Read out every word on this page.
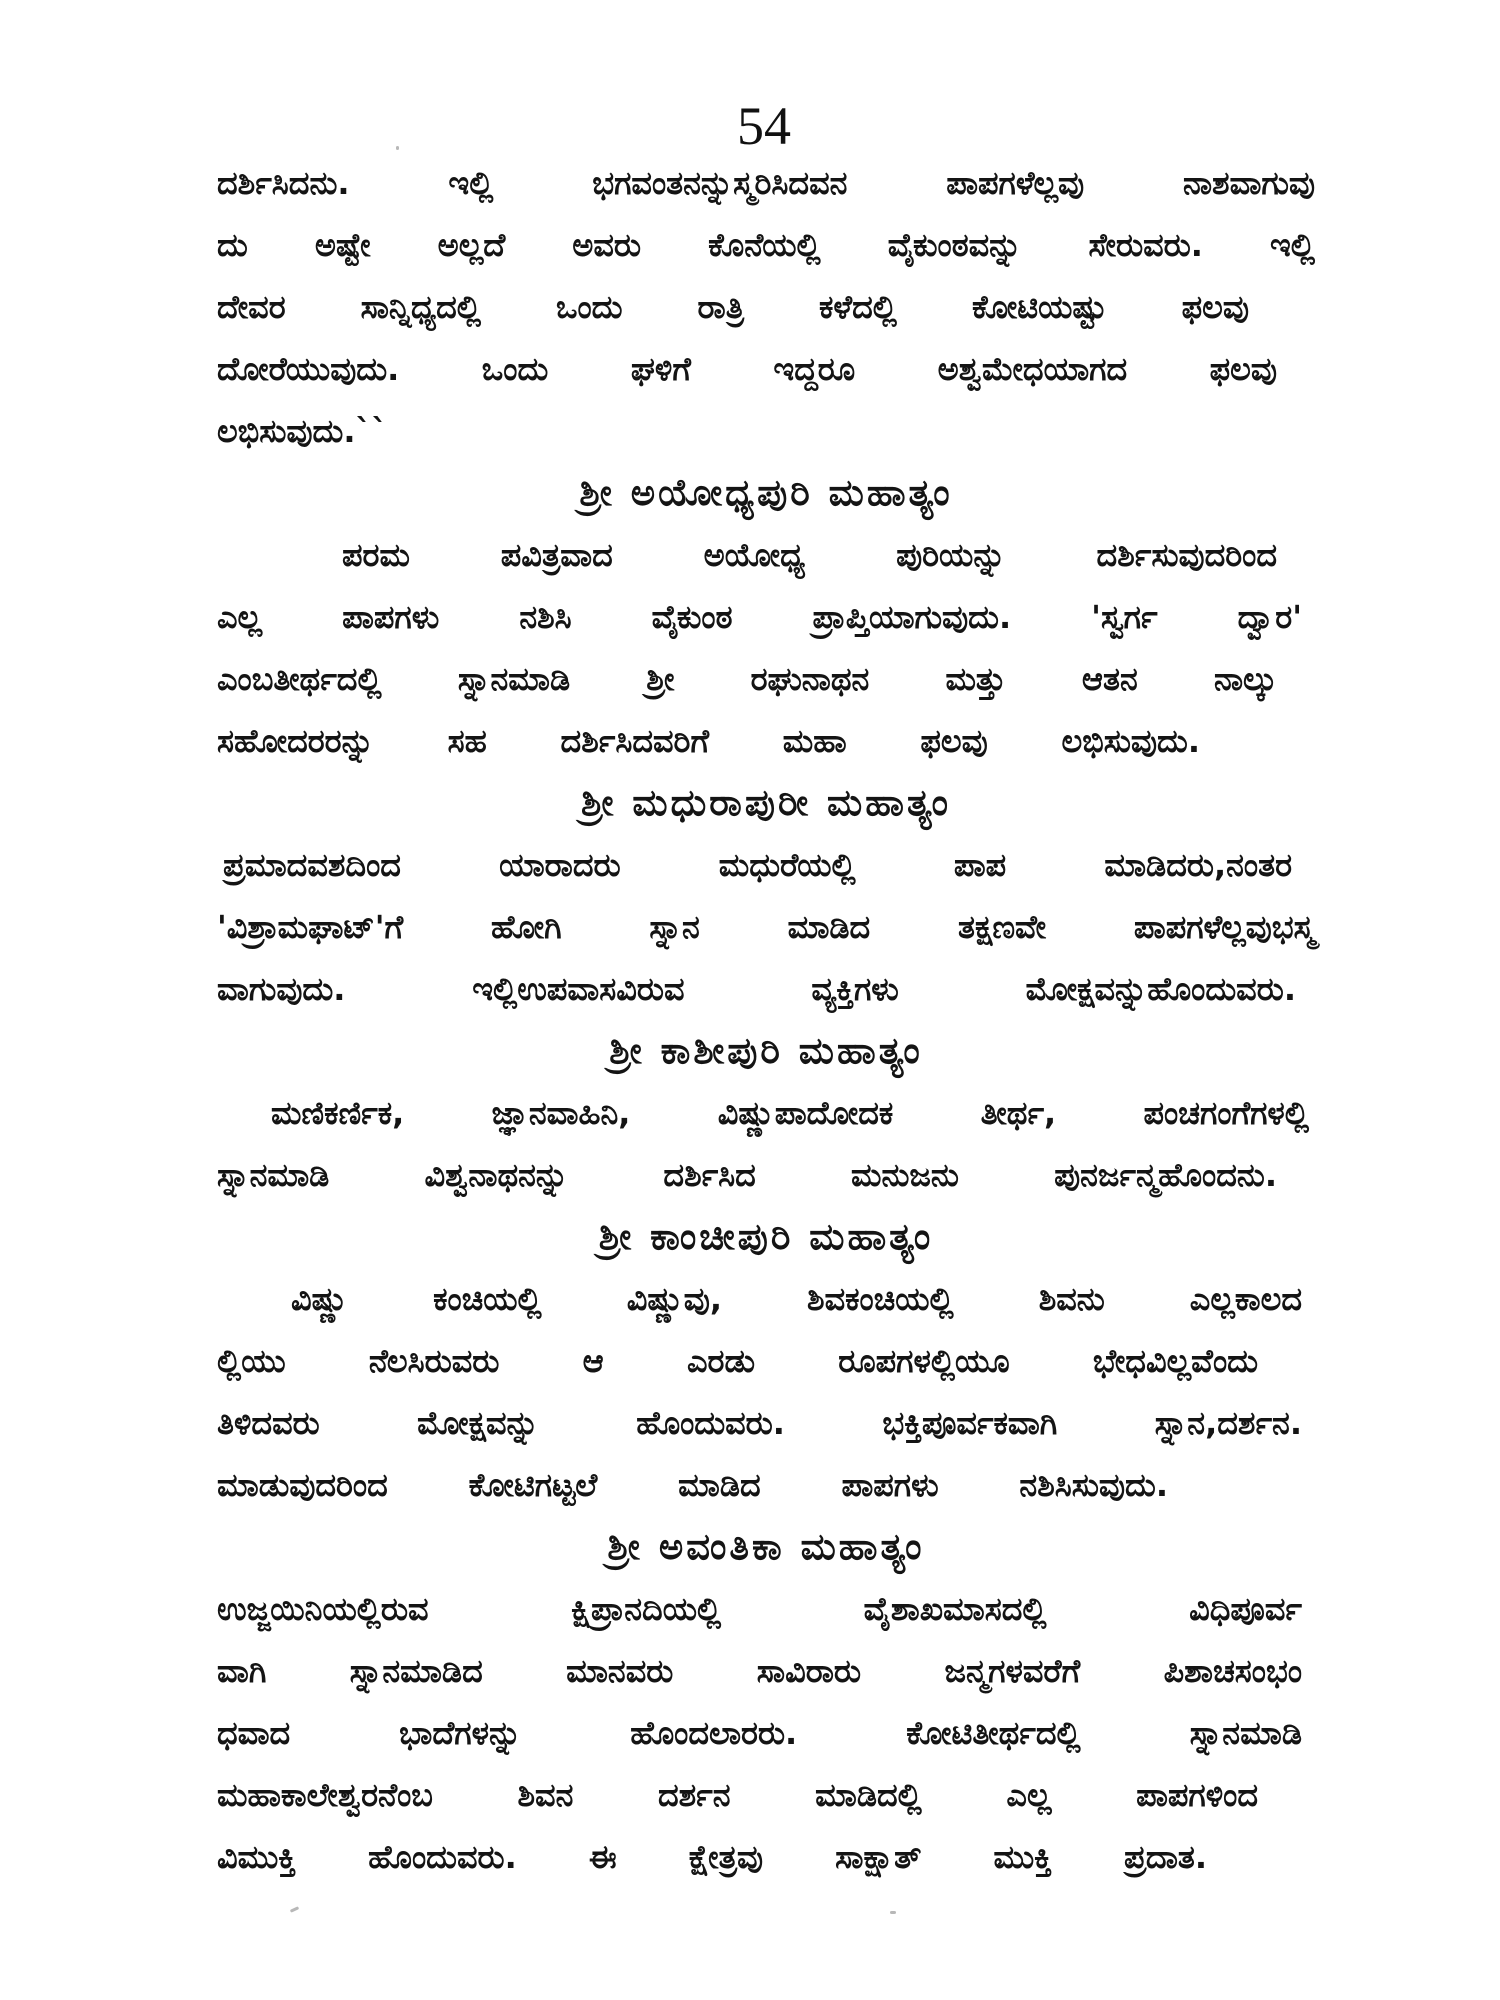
54
ದರ್ಶಿಸಿದನು. ಇಲ್ಲಿ ಭಗವಂತನನ್ನುಸ್ಮರಿಸಿದವನ ಪಾಪಗಳೆಲ್ಲವು ನಾಶವಾಗುವು
ದು ಅಷ್ಟೇ ಅಲ್ಲದೆ ಅವರು ಕೊನೆಯಲ್ಲಿ ವೈಕುಂಠವನ್ನು ಸೇರುವರು. ಇಲ್ಲಿ
ದೇವರ ಸಾನ್ನಿಧ್ಯದಲ್ಲಿ ಒಂದು ರಾತ್ರಿ ಕಳೆದಲ್ಲಿ ಕೋಟಿಯಷ್ಟು ಫಲವು
ದೋರೆಯುವುದು. ಒಂದು ಘಳಿಗೆ ಇದ್ದರೂ ಅಶ್ವಮೇಧಯಾಗದ ಫಲವು
ಲಭಿಸುವುದು.``
ಶ್ರೀ ಅಯೋಧ್ಯಪುರಿ ಮಹಾತ್ಯಂ
ಪರಮ ಪವಿತ್ರವಾದ ಅಯೋಧ್ಯ ಪುರಿಯನ್ನು ದರ್ಶಿಸುವುದರಿಂದ
ಎಲ್ಲ ಪಾಪಗಳು ನಶಿಸಿ ವೈಕುಂಠ ಪ್ರಾಪ್ತಿಯಾಗುವುದು. 'ಸ್ವರ್ಗ ದ್ವಾರ'
ಎಂಬತೀರ್ಥದಲ್ಲಿ ಸ್ನಾನಮಾಡಿ ಶ್ರೀ ರಘುನಾಥನ ಮತ್ತು ಆತನ ನಾಲ್ಕು
ಸಹೋದರರನ್ನು ಸಹ ದರ್ಶಿಸಿದವರಿಗೆ ಮಹಾ ಫಲವು ಲಭಿಸುವುದು.
ಶ್ರೀ ಮಧುರಾಪುರೀ ಮಹಾತ್ಯಂ
ಪ್ರಮಾದವಶದಿಂದ ಯಾರಾದರು ಮಧುರೆಯಲ್ಲಿ ಪಾಪ ಮಾಡಿದರು,ನಂತರ
'ವಿಶ್ರಾಮಘಾಟ್'ಗೆ ಹೋಗಿ ಸ್ನಾನ ಮಾಡಿದ ತಕ್ಷಣವೇ ಪಾಪಗಳೆಲ್ಲವುಭಸ್ಮ
ವಾಗುವುದು. ಇಲ್ಲಿಉಪವಾಸವಿರುವ ವ್ಯಕ್ತಿಗಳು ಮೋಕ್ಷವನ್ನುಹೊಂದುವರು.
ಶ್ರೀ ಕಾಶೀಪುರಿ ಮಹಾತ್ಯಂ
ಮಣಿಕರ್ಣಿಕ, ಜ್ಞಾನವಾಹಿನಿ, ವಿಷ್ಣುಪಾದೋದಕ ತೀರ್ಥ, ಪಂಚಗಂಗೆಗಳಲ್ಲಿ
ಸ್ನಾನಮಾಡಿ ವಿಶ್ವನಾಥನನ್ನು ದರ್ಶಿಸಿದ ಮನುಜನು ಪುನರ್ಜನ್ಮಹೊಂದನು.
ಶ್ರೀ ಕಾಂಚೀಪುರಿ ಮಹಾತ್ಯಂ
ವಿಷ್ಣು ಕಂಚಿಯಲ್ಲಿ ವಿಷ್ಣುವು, ಶಿವಕಂಚಿಯಲ್ಲಿ ಶಿವನು ಎಲ್ಲಕಾಲದ
ಲ್ಲಿಯು ನೆಲಸಿರುವರು ಆ ಎರಡು ರೂಪಗಳಲ್ಲಿಯೂ ಭೇಧವಿಲ್ಲವೆಂದು
ತಿಳಿದವರು ಮೋಕ್ಷವನ್ನು ಹೊಂದುವರು. ಭಕ್ತಿಪೂರ್ವಕವಾಗಿ ಸ್ನಾನ,ದರ್ಶನ.
ಮಾಡುವುದರಿಂದ ಕೋಟಿಗಟ್ಟಲೆ ಮಾಡಿದ ಪಾಪಗಳು ನಶಿಸಿಸುವುದು.
ಶ್ರೀ ಅವಂತಿಕಾ ಮಹಾತ್ಯಂ
ಉಜ್ಜಯಿನಿಯಲ್ಲಿರುವ ಕ್ಷಿಪ್ರಾನದಿಯಲ್ಲಿ ವೈಶಾಖಮಾಸದಲ್ಲಿ ವಿಧಿಪೂರ್ವ
ವಾಗಿ ಸ್ನಾನಮಾಡಿದ ಮಾನವರು ಸಾವಿರಾರು ಜನ್ಮಗಳವರೆಗೆ ಪಿಶಾಚಸಂಭಂ
ಧವಾದ ಭಾದೆಗಳನ್ನು ಹೊಂದಲಾರರು. ಕೋಟಿತೀರ್ಥದಲ್ಲಿ ಸ್ನಾನಮಾಡಿ
ಮಹಾಕಾಲೇಶ್ವರನೆಂಬ ಶಿವನ ದರ್ಶನ ಮಾಡಿದಲ್ಲಿ ಎಲ್ಲ ಪಾಪಗಳಿಂದ
ವಿಮುಕ್ತಿ ಹೊಂದುವರು. ಈ ಕ್ಷೇತ್ರವು ಸಾಕ್ಷಾತ್ ಮುಕ್ತಿ ಪ್ರದಾತ.
